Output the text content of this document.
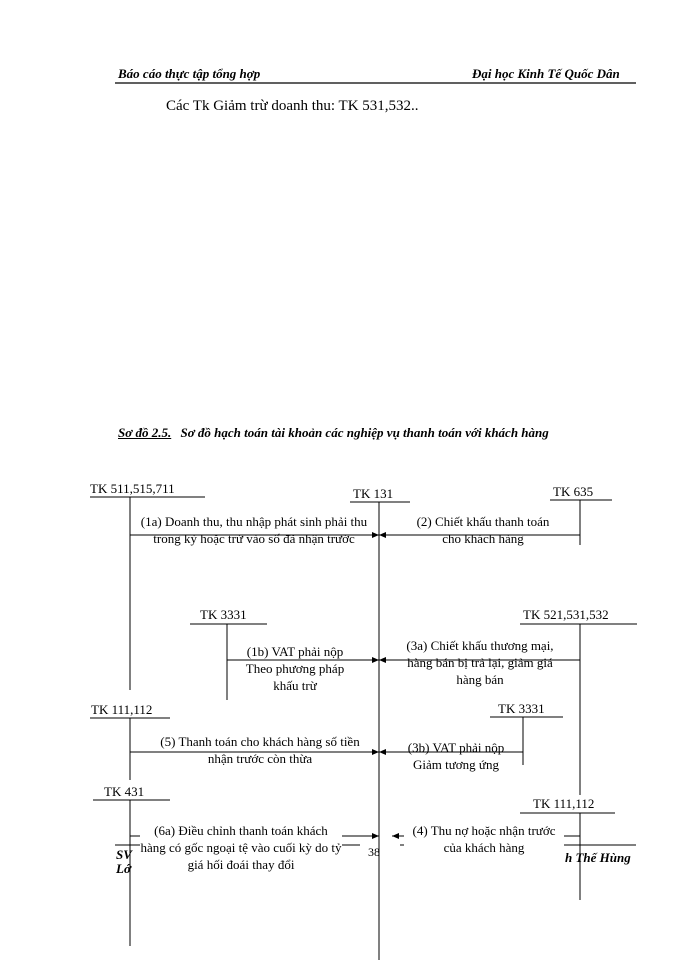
Báo cáo thực tập tổng hợp	Đại học Kinh Tế Quốc Dân
Các Tk Giảm trừ doanh thu: TK 531,532..
Sơ đồ 2.5. Sơ đồ hạch toán tài khoản các nghiệp vụ thanh toán với khách hàng
TK 511,515,711	TK 131	TK 635
TK 3331	TK 521,531,532
TK 111,112	TK 3331
TK 431
TK 111,112
(1a) Doanh thu, thu nhập phát sinh phải thu trong kỳ hoặc trừ vào số đã nhận trước
(2) Chiết khấu thanh toán cho khách hàng
(1b) VAT phải nộp Theo phương pháp khấu trừ
(3a) Chiết khấu thương mại, hàng bán bị trả lại, giảm giá hàng bán
(5) Thanh toán cho khách hàng số tiền nhận trước còn thừa
(3b) VAT phải nộp Giảm tương ứng
(6a) Điều chỉnh thanh toán khách hàng có gốc ngoại tệ vào cuối kỳ do tỷ giá hối đoái thay đổi
(4) Thu nợ hoặc nhận trước của khách hàng
SV
Lớ
38	h Thế Hùng
